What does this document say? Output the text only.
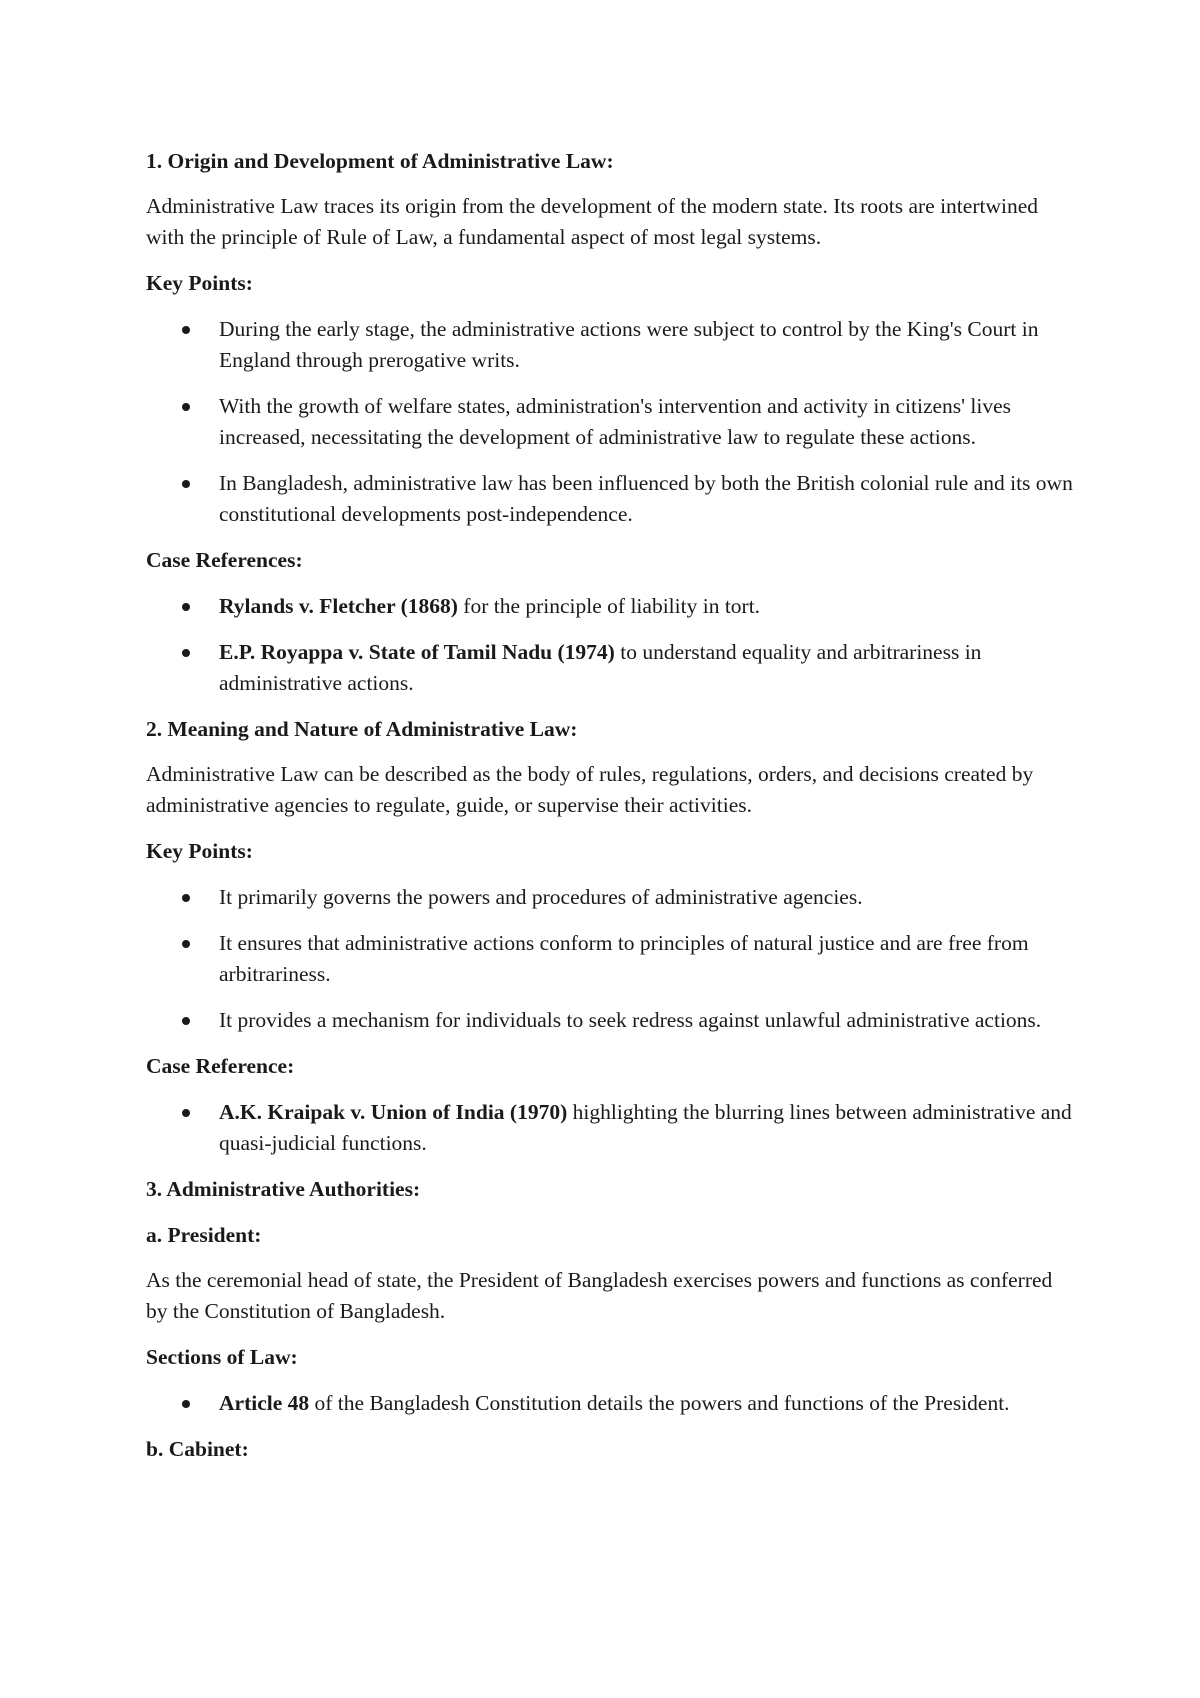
1. Origin and Development of Administrative Law:

Administrative Law traces its origin from the development of the modern state. Its roots are intertwined with the principle of Rule of Law, a fundamental aspect of most legal systems.

Key Points:

During the early stage, the administrative actions were subject to control by the King's Court in England through prerogative writs.
With the growth of welfare states, administration's intervention and activity in citizens' lives increased, necessitating the development of administrative law to regulate these actions.
In Bangladesh, administrative law has been influenced by both the British colonial rule and its own constitutional developments post-independence.

Case References:

Rylands v. Fletcher (1868) for the principle of liability in tort.
E.P. Royappa v. State of Tamil Nadu (1974) to understand equality and arbitrariness in administrative actions.

2. Meaning and Nature of Administrative Law:

Administrative Law can be described as the body of rules, regulations, orders, and decisions created by administrative agencies to regulate, guide, or supervise their activities.

Key Points:

It primarily governs the powers and procedures of administrative agencies.
It ensures that administrative actions conform to principles of natural justice and are free from arbitrariness.
It provides a mechanism for individuals to seek redress against unlawful administrative actions.

Case Reference:

A.K. Kraipak v. Union of India (1970) highlighting the blurring lines between administrative and quasi-judicial functions.

3. Administrative Authorities:

a. President:

As the ceremonial head of state, the President of Bangladesh exercises powers and functions as conferred by the Constitution of Bangladesh.

Sections of Law:

Article 48 of the Bangladesh Constitution details the powers and functions of the President.

b. Cabinet:
